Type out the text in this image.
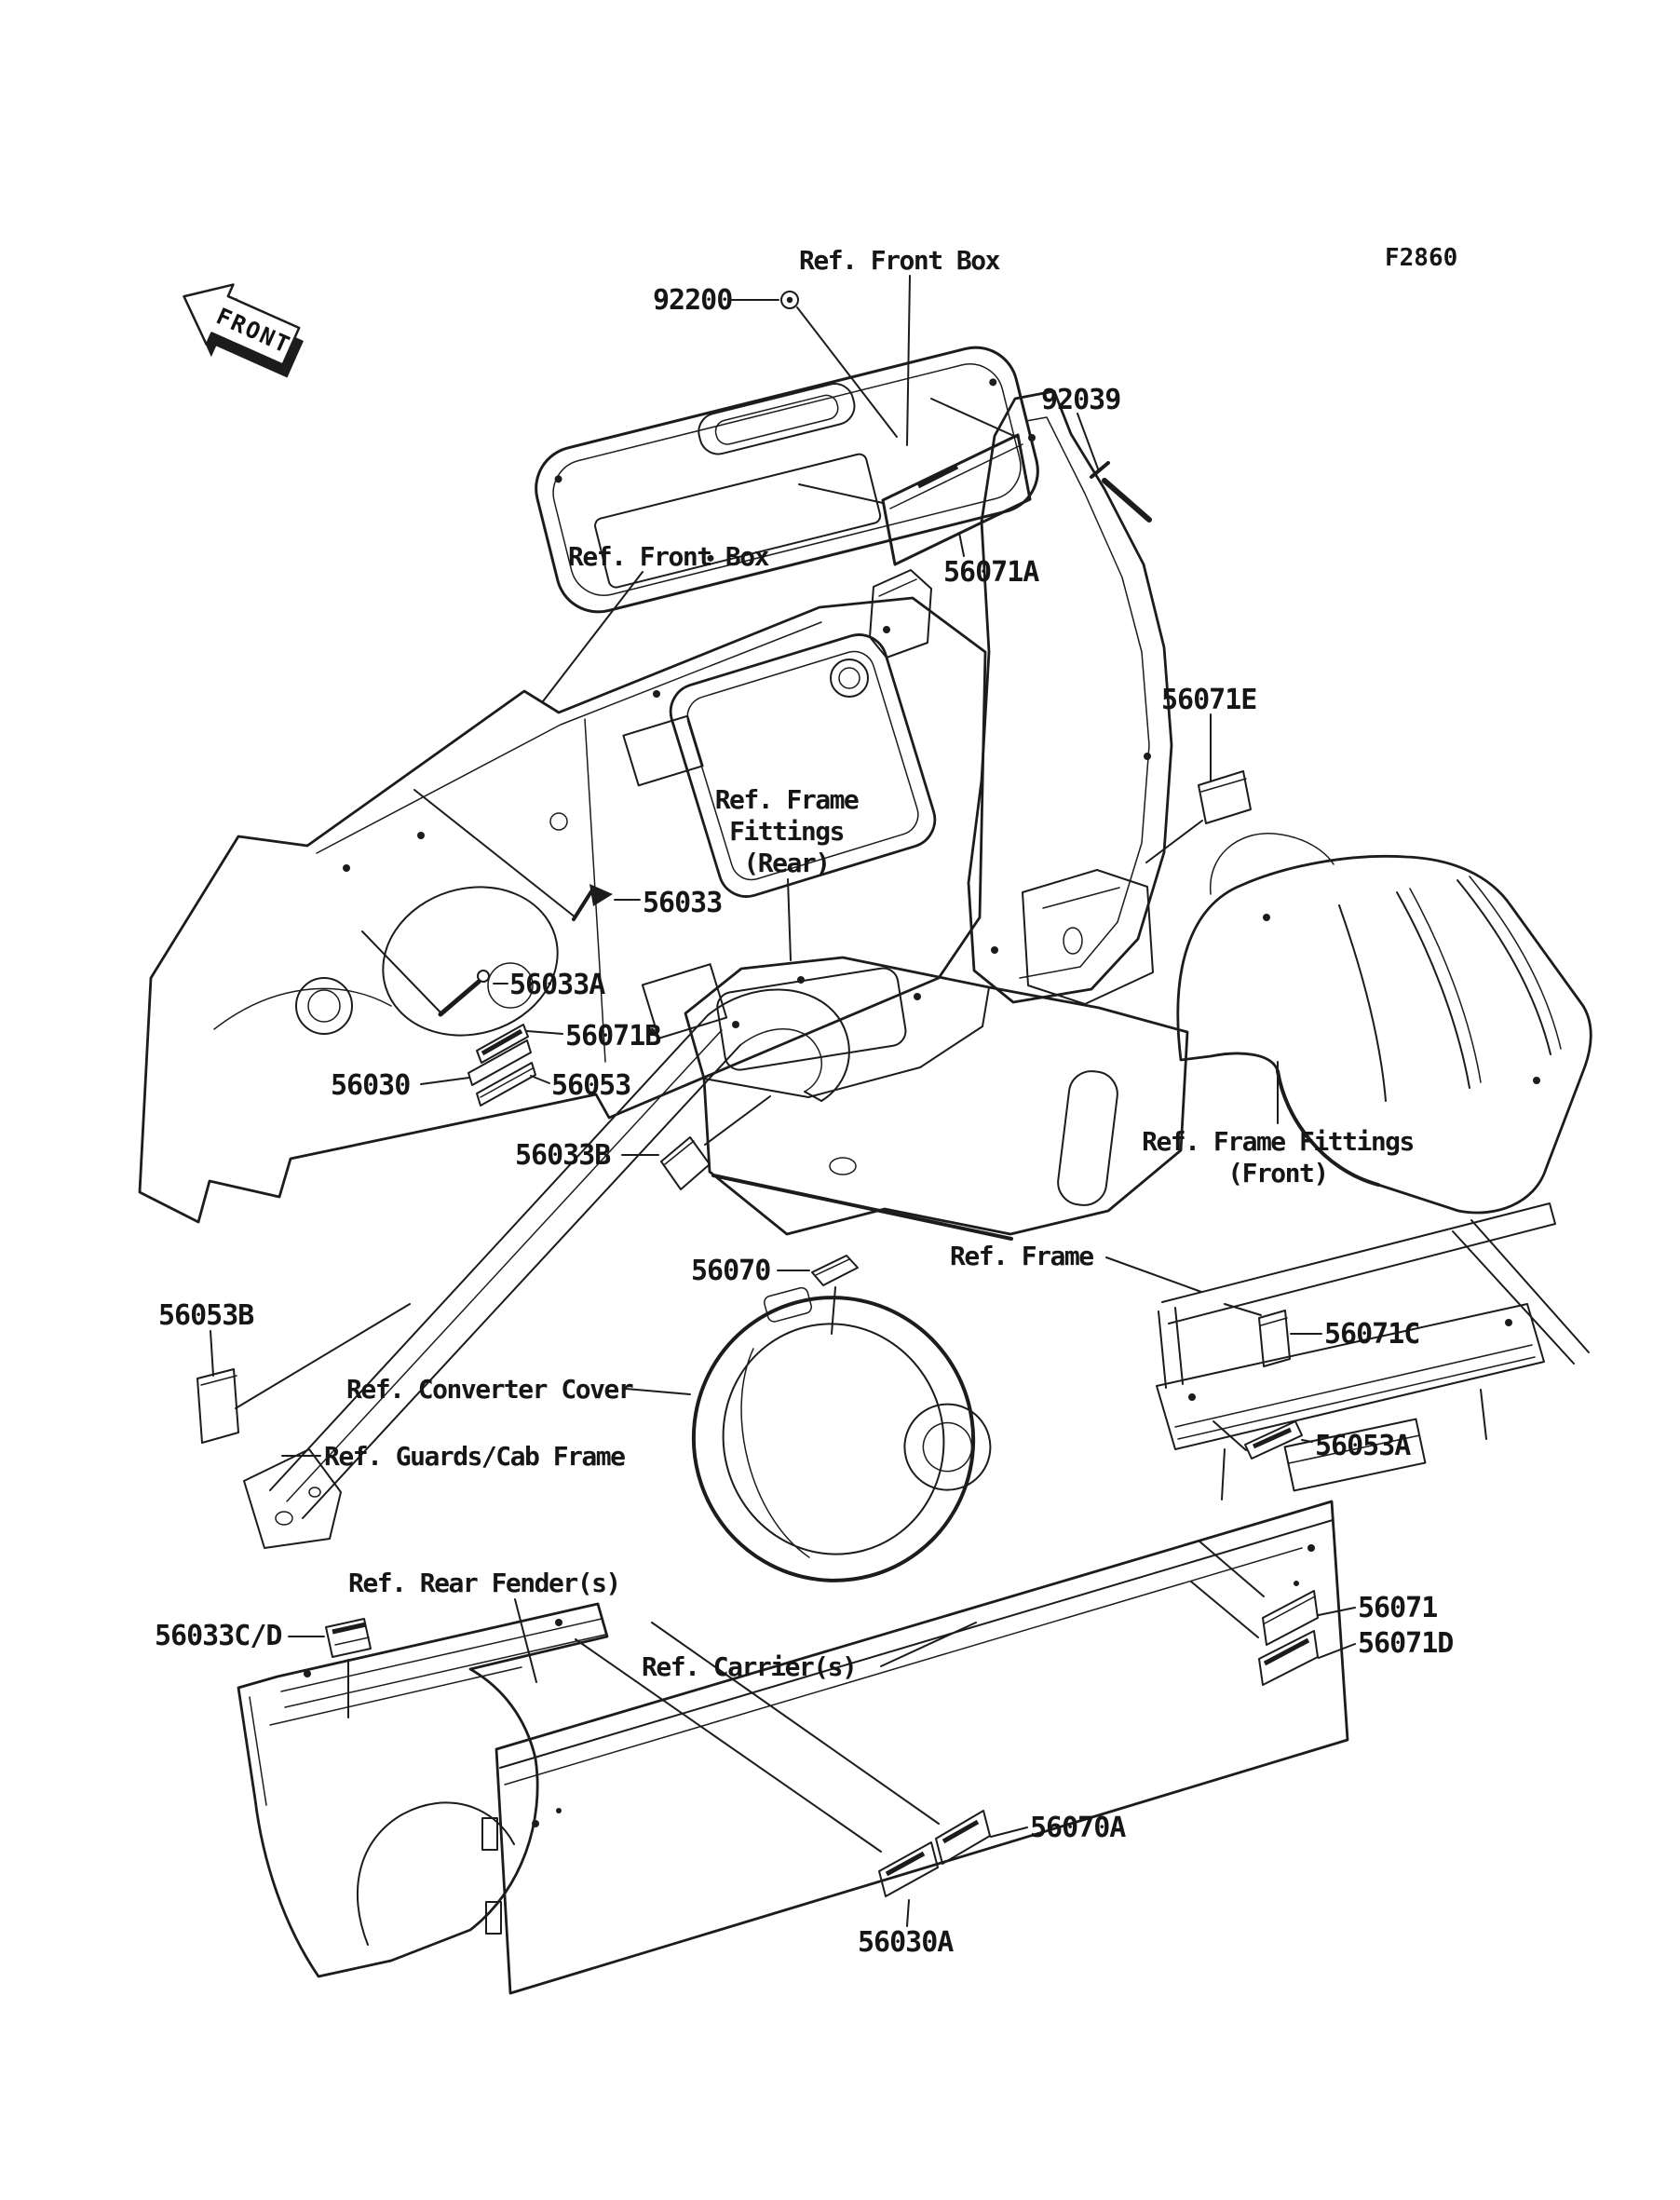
FRONT
F2860
Ref. Front Box
92200
92039
56071A
Ref. Front Box
56071E
Ref. Frame
Fittings
(Rear)
56033
56033A
56071B
56030	56053
56033B	Ref. Frame Fittings
(Front)
56070	Ref. Frame
56053B
56071C
Ref. Converter Cover
56053A
Ref. Guards/Cab Frame
Ref. Rear Fender(s)
56033C/D
Ref. Carrier(s)
56071
56071D
56070A
56030A
